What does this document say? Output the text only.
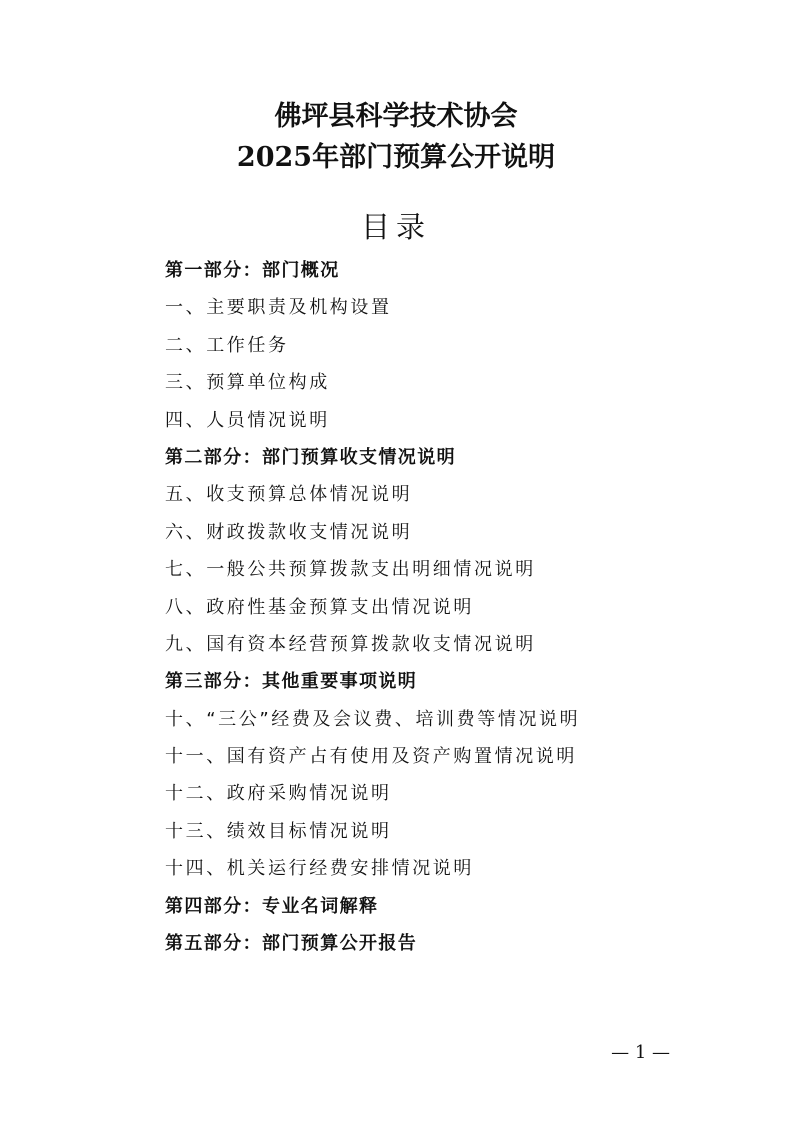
佛坪县科学技术协会
2025年部门预算公开说明
目录
第一部分：部门概况
一、主要职责及机构设置
二、工作任务
三、预算单位构成
四、人员情况说明
第二部分：部门预算收支情况说明
五、收支预算总体情况说明
六、财政拨款收支情况说明
七、一般公共预算拨款支出明细情况说明
八、政府性基金预算支出情况说明
九、国有资本经营预算拨款收支情况说明
第三部分：其他重要事项说明
十、“三公”经费及会议费、培训费等情况说明
十一、国有资产占有使用及资产购置情况说明
十二、政府采购情况说明
十三、绩效目标情况说明
十四、机关运行经费安排情况说明
第四部分：专业名词解释
第五部分：部门预算公开报告
— 1 —
